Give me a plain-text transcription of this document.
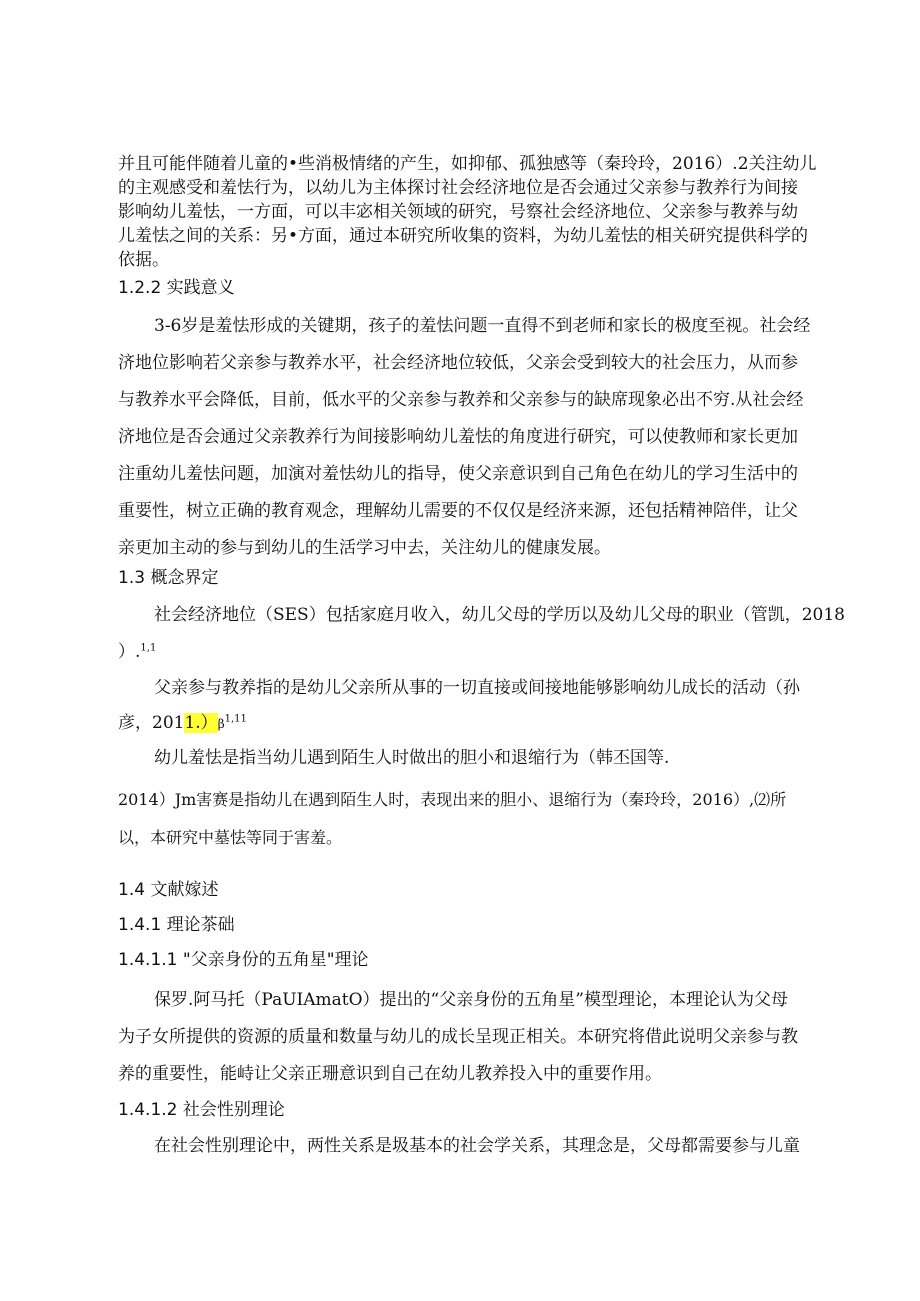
并且可能伴随着儿童的•些消极情绪的产生，如抑郁、孤独感等（秦玲玲，2016）.2关注幼儿
的主观感受和羞怯行为，以幼儿为主体探讨社会经济地位是否会通过父亲参与教养行为间接
影响幼儿羞怯，一方面，可以丰宓相关领域的研究，号察社会经济地位、父亲参与教养与幼
儿羞怯之间的关系：另•方面，通过本研究所收集的资料，为幼儿羞怯的相关研究提供科学的
依据。
1.2.2 实践意义
3-6岁是羞怯形成的关键期，孩子的羞怯问题一直得不到老师和家长的极度至视。社会经
济地位影响若父亲参与教养水平，社会经济地位较低，父亲会受到较大的社会压力，从而参
与教养水平会降低，目前，低水平的父亲参与教养和父亲参与的缺席现象必出不穷.从社会经
济地位是否会通过父亲教养行为间接影响幼儿羞怯的角度进行研究，可以使教师和家长更加
注重幼儿羞怯问题，加演对羞怯幼儿的指导，使父亲意识到自己角色在幼儿的学习生活中的
重要性，树立正确的教育观念，理解幼儿需要的不仅仅是经济来源，还包括精神陪伴，让父
亲更加主动的参与到幼儿的生活学习中去，关注幼儿的健康发展。
1.3 概念界定
社会经济地位（SES）包括家庭月收入，幼儿父母的学历以及幼儿父母的职业（管凯，2018
）.$^{1,1}$
父亲参与教养指的是幼儿父亲所从事的一切直接或间接地能够影响幼儿成长的活动（孙
彦，$2011.)\beta^{1,11}$
幼儿羞怯是指当幼儿遇到陌生人时做出的胆小和退缩行为（韩丕国等.
2014）Jm害赛是指幼儿在遇到陌生人时，表现出来的胆小、退缩行为（秦玲玲，2016）,⑵所
以，本研究中墓怯等同于害羞。
1.4 文献嫁述
1.4.1 理论茶础
1.4.1.1 "父亲身份的五角星"理论
保罗.阿马托（PaUIAmatO）提出的“父亲身份的五角星”模型理论，本理论认为父母
为子女所提供的资源的质量和数量与幼儿的成长呈现正相关。本研究将借此说明父亲参与教
养的重要性，能峙让父亲正珊意识到自己在幼儿教养投入中的重要作用。
1.4.1.2 社会性别理论
在社会性别理论中，两性关系是圾基本的社会学关系，其理念是，父母都需要参与儿童
